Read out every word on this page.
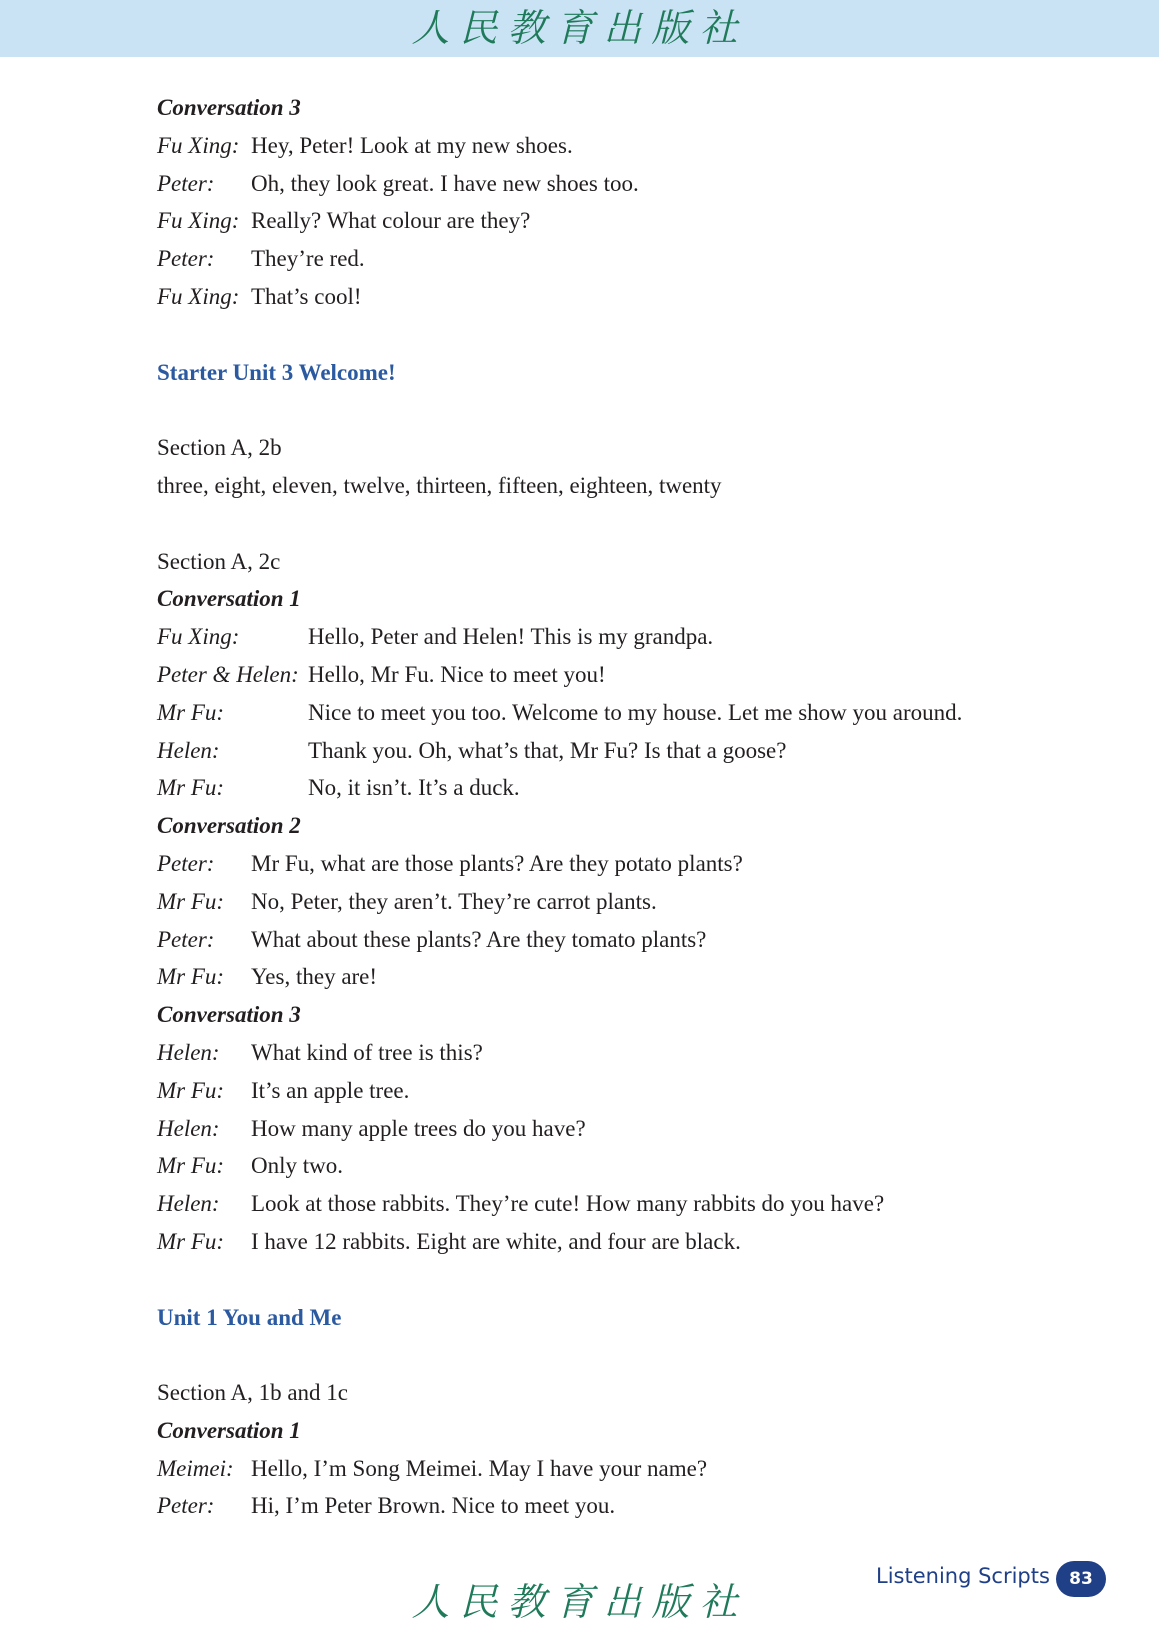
人民教育出版社
Conversation 3
Fu Xing: Hey, Peter! Look at my new shoes.
Peter: Oh, they look great. I have new shoes too.
Fu Xing: Really? What colour are they?
Peter: They’re red.
Fu Xing: That’s cool!
Starter Unit 3 Welcome!
Section A, 2b
three, eight, eleven, twelve, thirteen, fifteen, eighteen, twenty
Section A, 2c
Conversation 1
Fu Xing:	Hello, Peter and Helen! This is my grandpa.
Peter & Helen: Hello, Mr Fu. Nice to meet you!
Mr Fu:	Nice to meet you too. Welcome to my house. Let me show you around.
Helen:	Thank you. Oh, what’s that, Mr Fu? Is that a goose?
Mr Fu:	No, it isn’t. It’s a duck.
Conversation 2
Peter: Mr Fu, what are those plants? Are they potato plants?
Mr Fu: No, Peter, they aren’t. They’re carrot plants.
Peter: What about these plants? Are they tomato plants?
Mr Fu: Yes, they are!
Conversation 3
Helen: What kind of tree is this?
Mr Fu: It’s an apple tree.
Helen: How many apple trees do you have?
Mr Fu: Only two.
Helen: Look at those rabbits. They’re cute! How many rabbits do you have?
Mr Fu: I have 12 rabbits. Eight are white, and four are black.
Unit 1 You and Me
Section A, 1b and 1c
Conversation 1
Meimei: Hello, I’m Song Meimei. May I have your name?
Peter: Hi, I’m Peter Brown. Nice to meet you.
人民教育出版社
Listening Scripts	83
